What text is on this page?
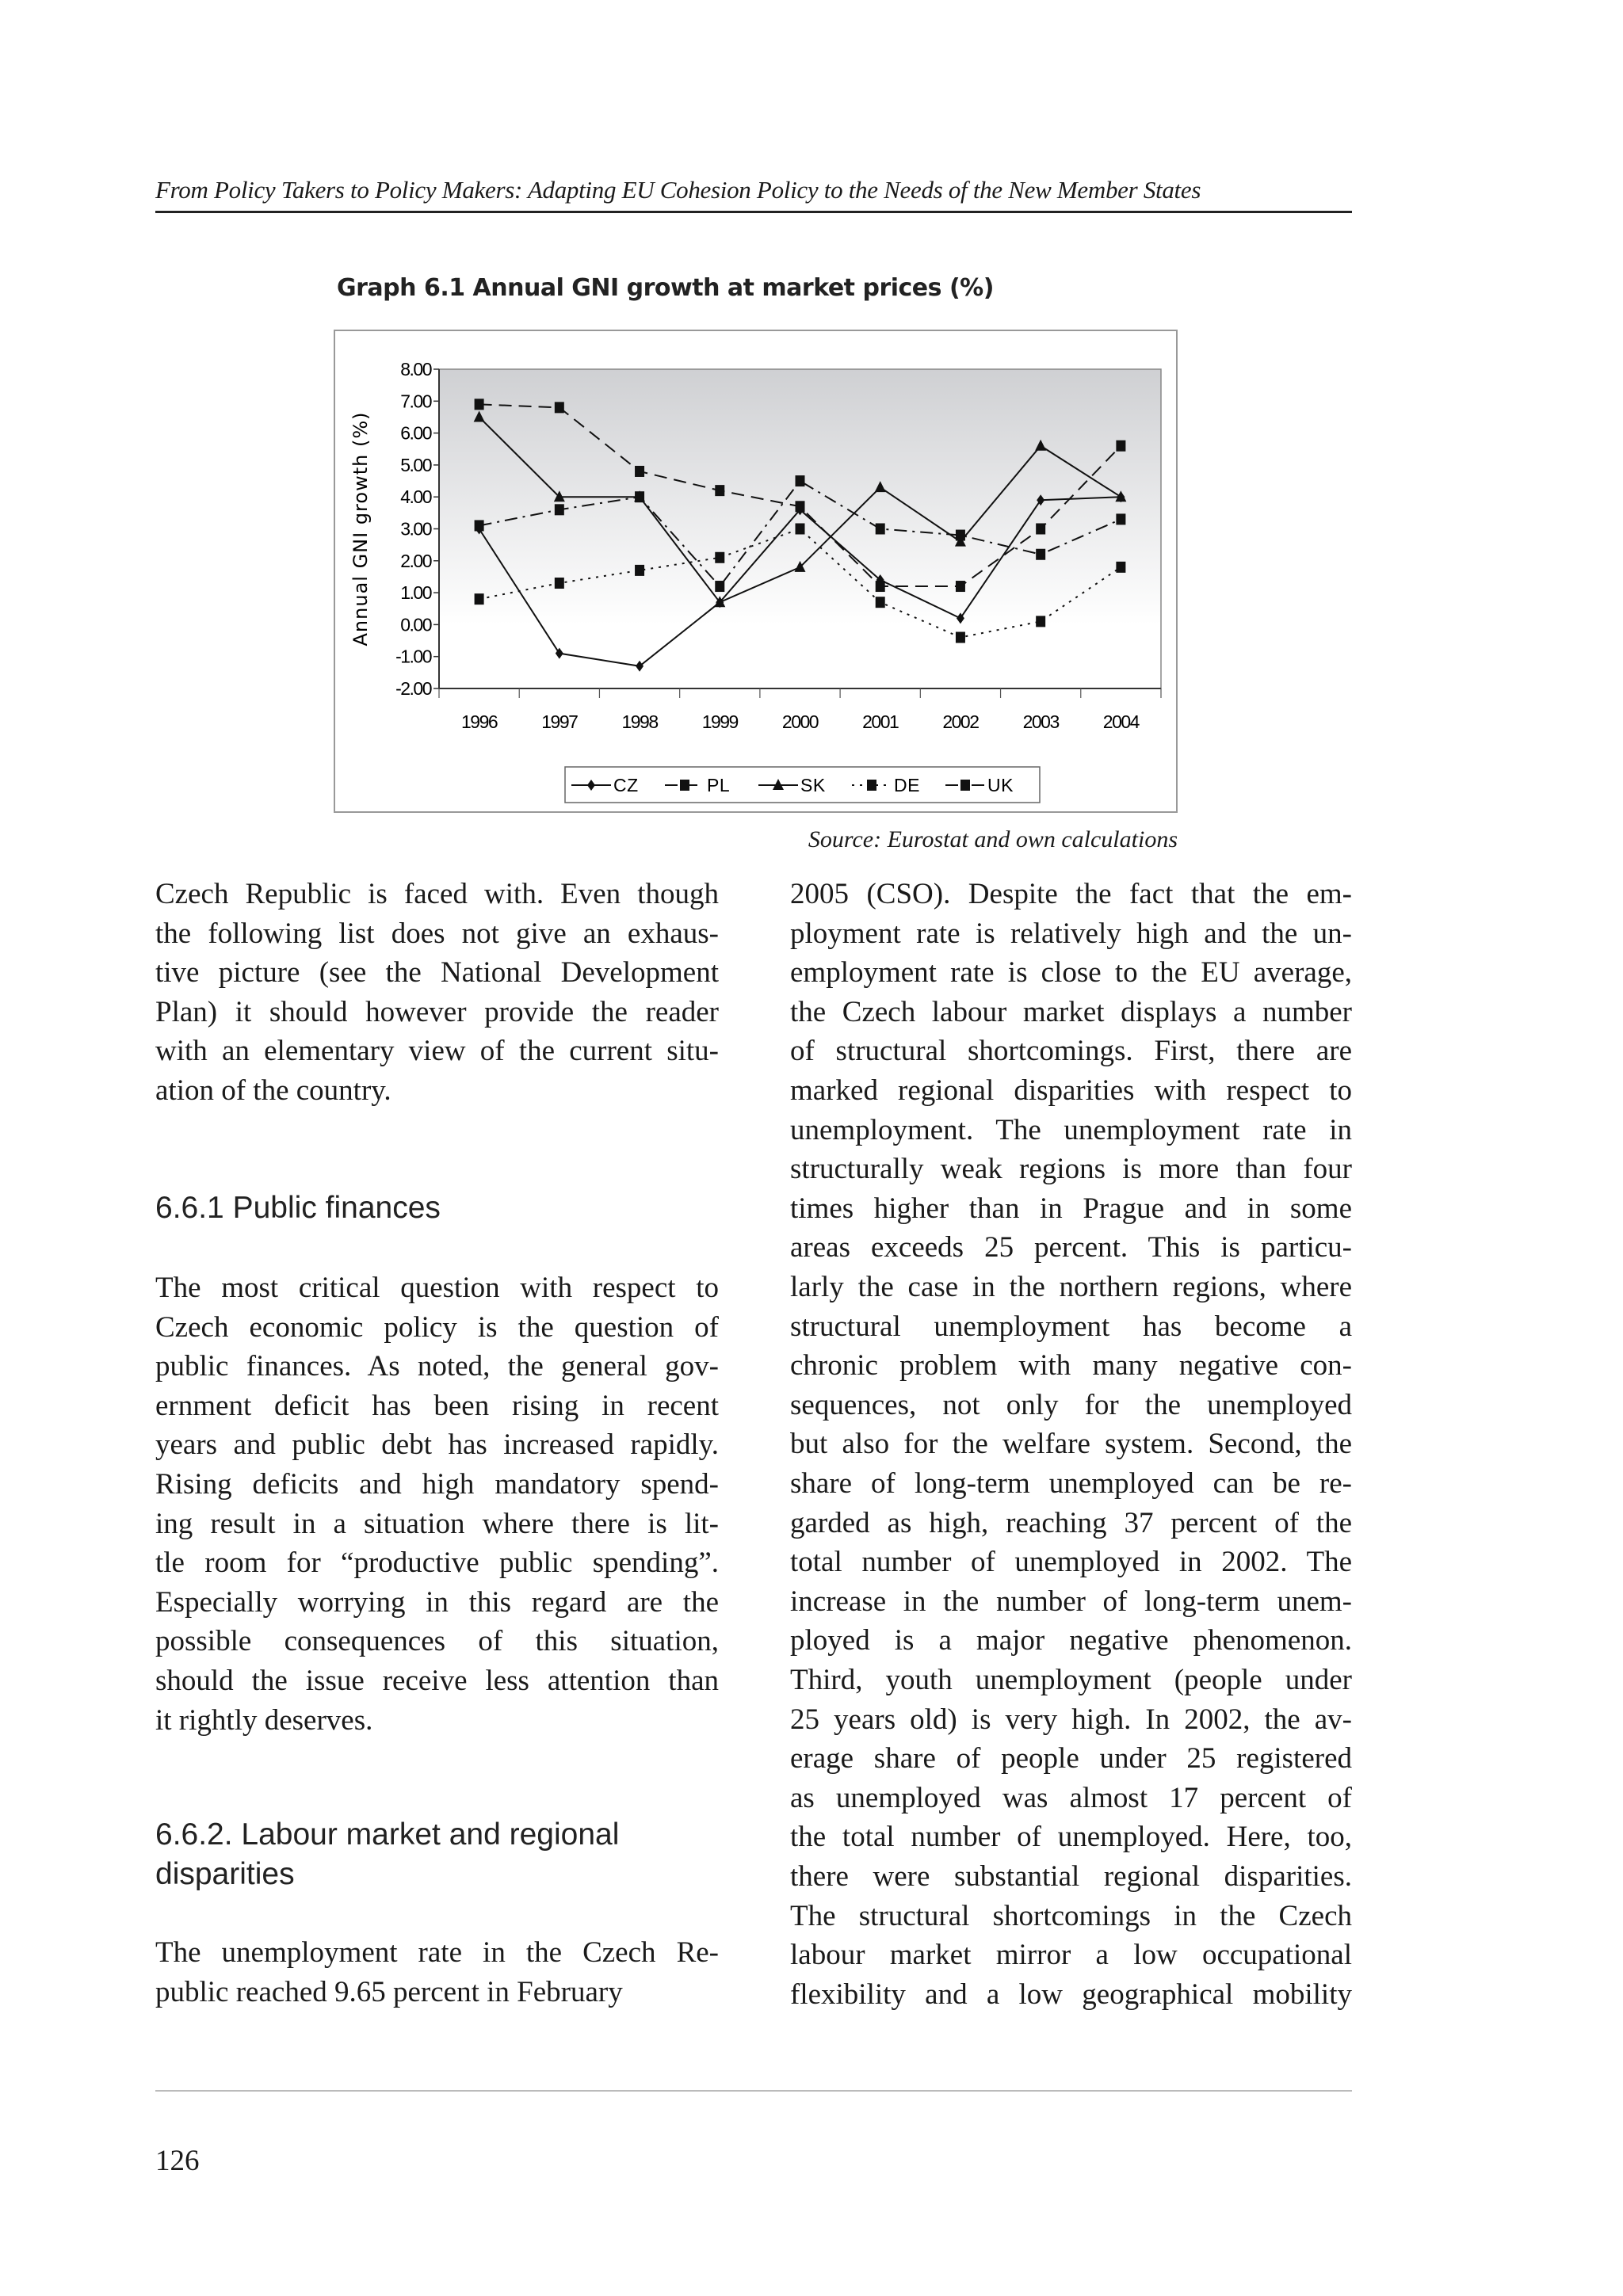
From Policy Takers to Policy Makers: Adapting EU Cohesion Policy to the Needs of the New Member States
Graph 6.1 Annual GNI growth at market prices (%)
8.00
7.00
6.00
5.00
4.00
3.00
2.00
1.00
0.00
-1.00
-2.00
1996 1997 1998 1999 2000 2001 2002 2003 2004
Annual GNI growth (%)
CZ	PL	SK	DE	UK
Source: Eurostat and own calculations
Czech Republic is faced with. Even though
the following list does not give an exhaus-
tive picture (see the National Development
Plan) it should however provide the reader
with an elementary view of the current situ-
ation of the country.
6.6.1 Public finances
The most critical question with respect to
Czech economic policy is the question of
public finances. As noted, the general gov-
ernment deficit has been rising in recent
years and public debt has increased rapidly.
Rising deficits and high mandatory spend-
ing result in a situation where there is lit-
tle room for “productive public spending”.
Especially worrying in this regard are the
possible consequences of this situation,
should the issue receive less attention than
it rightly deserves.
6.6.2. Labour market and regional
disparities
The unemployment rate in the Czech Re-
public reached 9.65 percent in February
2005 (CSO). Despite the fact that the em-
ployment rate is relatively high and the un-
employment rate is close to the EU average,
the Czech labour market displays a number
of structural shortcomings. First, there are
marked regional disparities with respect to
unemployment. The unemployment rate in
structurally weak regions is more than four
times higher than in Prague and in some
areas exceeds 25 percent. This is particu-
larly the case in the northern regions, where
structural unemployment has become a
chronic problem with many negative con-
sequences, not only for the unemployed
but also for the welfare system. Second, the
share of long-term unemployed can be re-
garded as high, reaching 37 percent of the
total number of unemployed in 2002. The
increase in the number of long-term unem-
ployed is a major negative phenomenon.
Third, youth unemployment (people under
25 years old) is very high. In 2002, the av-
erage share of people under 25 registered
as unemployed was almost 17 percent of
the total number of unemployed. Here, too,
there were substantial regional disparities.
The structural shortcomings in the Czech
labour market mirror a low occupational
flexibility and a low geographical mobility
126
